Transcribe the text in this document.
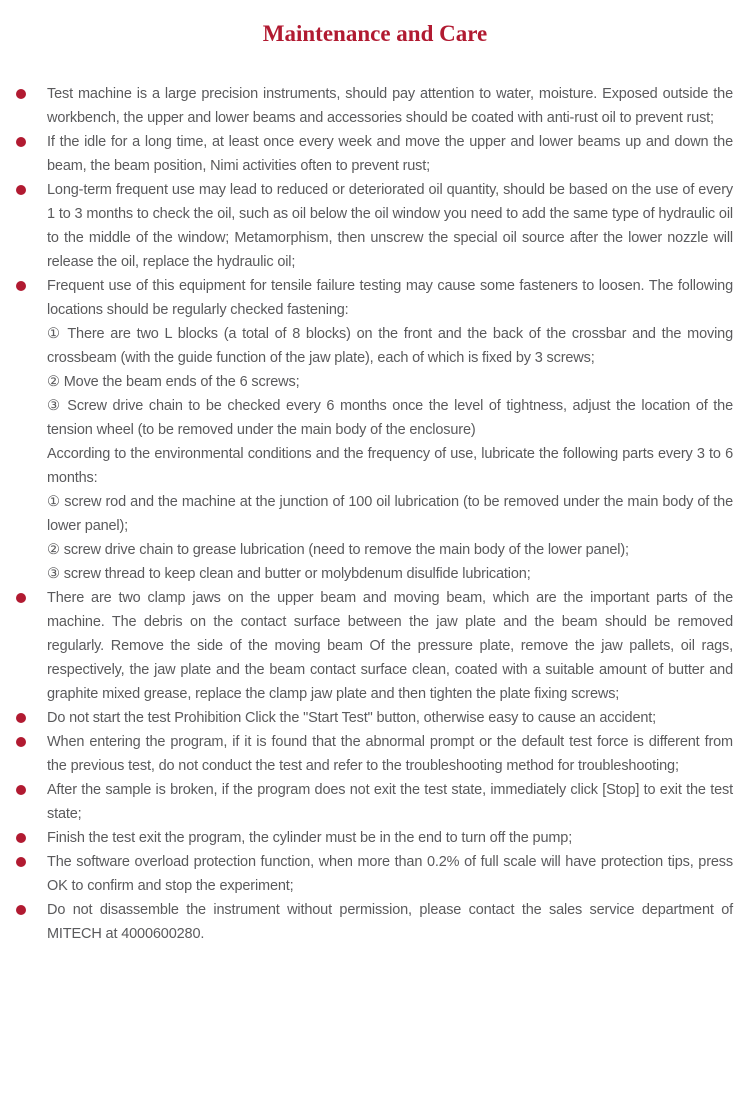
Maintenance and Care
Test machine is a large precision instruments, should pay attention to water, moisture. Exposed outside the workbench, the upper and lower beams and accessories should be coated with anti-rust oil to prevent rust;
If the idle for a long time, at least once every week and move the upper and lower beams up and down the beam, the beam position, Nimi activities often to prevent rust;
Long-term frequent use may lead to reduced or deteriorated oil quantity, should be based on the use of every 1 to 3 months to check the oil, such as oil below the oil window you need to add the same type of hydraulic oil to the middle of the window; Metamorphism, then unscrew the special oil source after the lower nozzle will release the oil, replace the hydraulic oil;
Frequent use of this equipment for tensile failure testing may cause some fasteners to loosen. The following locations should be regularly checked fastening:
① There are two L blocks (a total of 8 blocks) on the front and the back of the crossbar and the moving crossbeam (with the guide function of the jaw plate), each of which is fixed by 3 screws;
② Move the beam ends of the 6 screws;
③ Screw drive chain to be checked every 6 months once the level of tightness, adjust the location of the tension wheel (to be removed under the main body of the enclosure)
According to the environmental conditions and the frequency of use, lubricate the following parts every 3 to 6 months:
① screw rod and the machine at the junction of 100 oil lubrication (to be removed under the main body of the lower panel);
② screw drive chain to grease lubrication (need to remove the main body of the lower panel);
③ screw thread to keep clean and butter or molybdenum disulfide lubrication;
There are two clamp jaws on the upper beam and moving beam, which are the important parts of the machine. The debris on the contact surface between the jaw plate and the beam should be removed regularly. Remove the side of the moving beam Of the pressure plate, remove the jaw pallets, oil rags, respectively, the jaw plate and the beam contact surface clean, coated with a suitable amount of butter and graphite mixed grease, replace the clamp jaw plate and then tighten the plate fixing screws;
Do not start the test Prohibition Click the "Start Test" button, otherwise easy to cause an accident;
When entering the program, if it is found that the abnormal prompt or the default test force is different from the previous test, do not conduct the test and refer to the troubleshooting method for troubleshooting;
After the sample is broken, if the program does not exit the test state, immediately click [Stop] to exit the test state;
Finish the test exit the program, the cylinder must be in the end to turn off the pump;
The software overload protection function, when more than 0.2% of full scale will have protection tips, press OK to confirm and stop the experiment;
Do not disassemble the instrument without permission, please contact the sales service department of MITECH at 4000600280.
